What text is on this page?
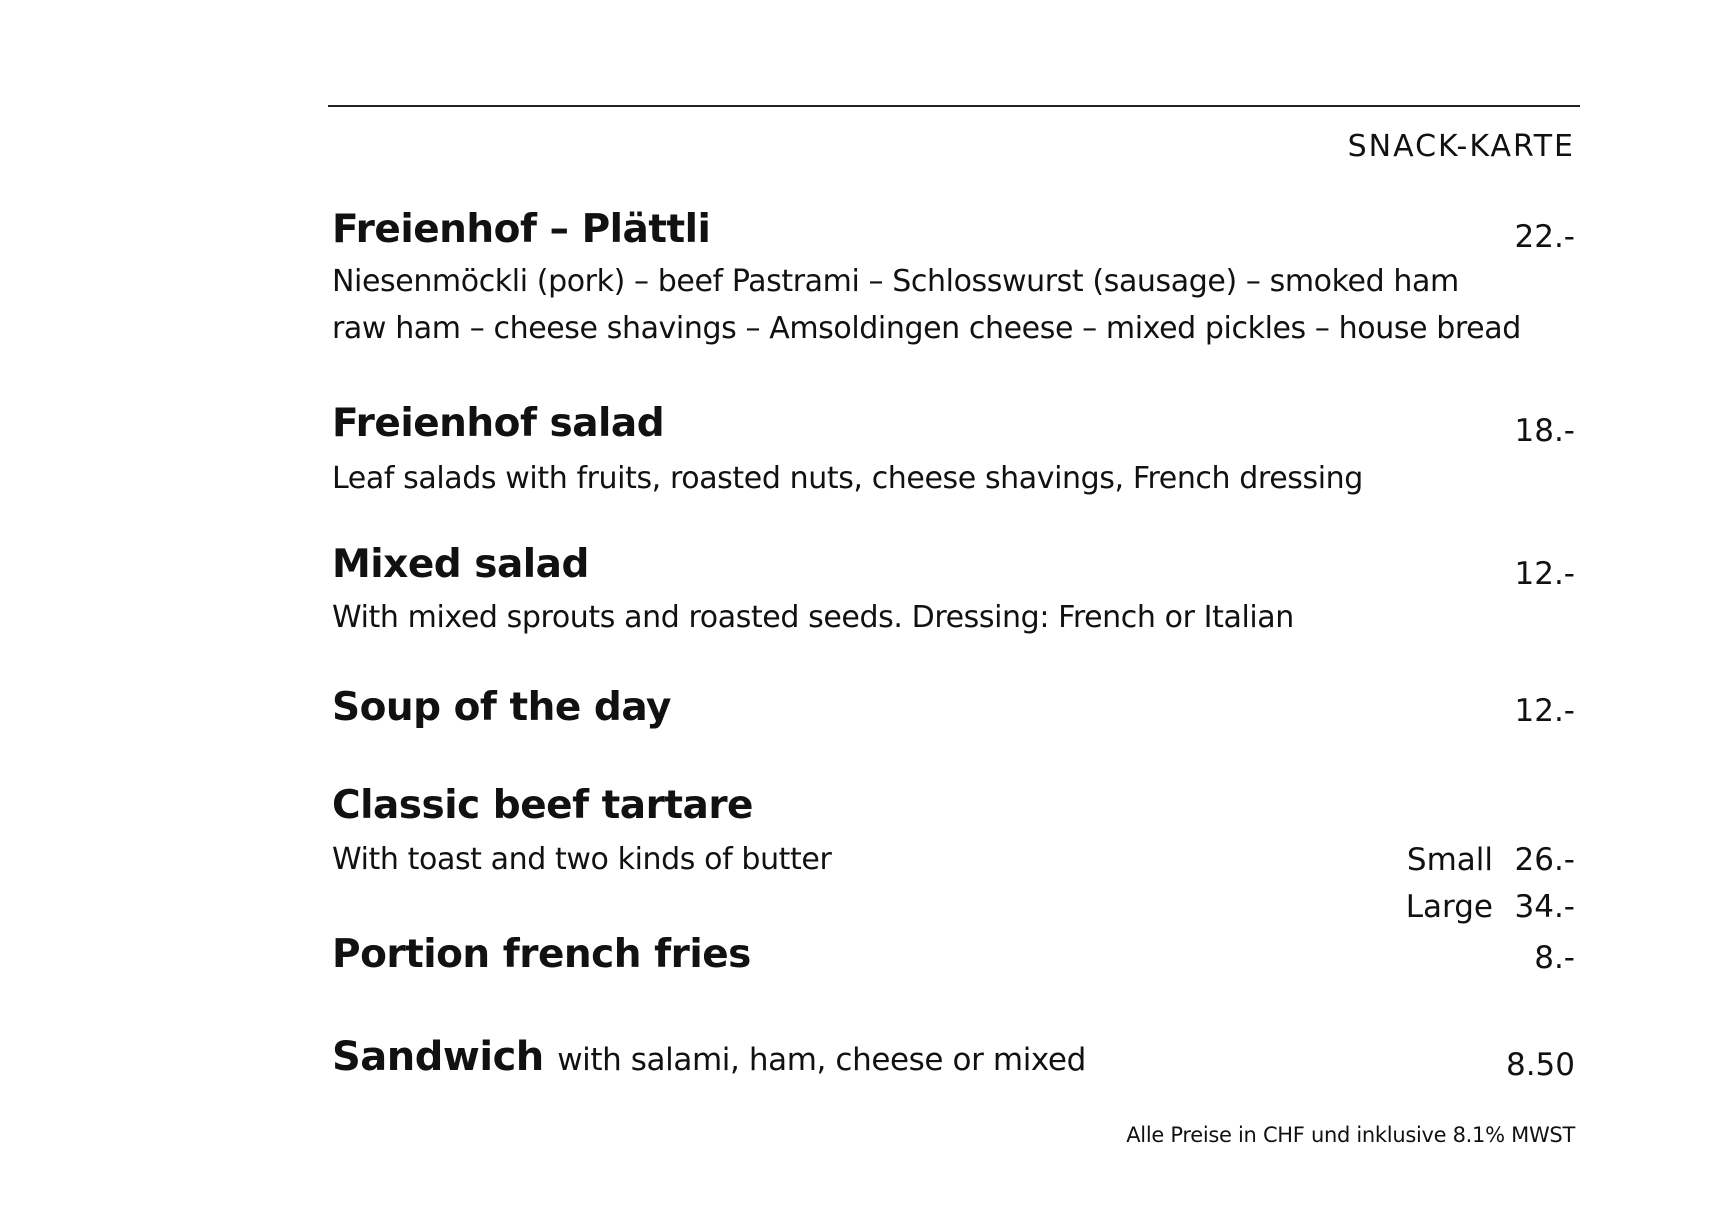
SNACK-KARTE
Freienhof – Plättli	22.-
Niesenmöckli (pork) – beef Pastrami – Schlosswurst (sausage) – smoked ham
raw ham – cheese shavings – Amsoldingen cheese – mixed pickles – house bread
Freienhof salad	18.-
Leaf salads with fruits, roasted nuts, cheese shavings, French dressing
Mixed salad	12.-
With mixed sprouts and roasted seeds. Dressing: French or Italian
Soup of the day	12.-
Classic beef tartare
With toast and two kinds of butter	Small 26.-
Large 34.-
Portion french fries	8.-
Sandwich with salami, ham, cheese or mixed	8.50
Alle Preise in CHF und inklusive 8.1% MWST
